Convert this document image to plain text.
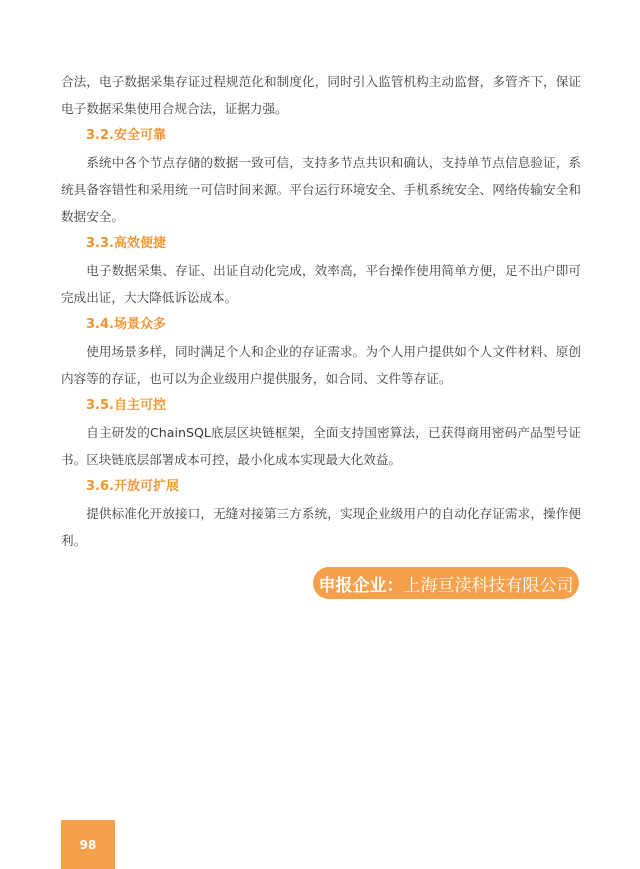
合法，电子数据采集存证过程规范化和制度化，同时引入监管机构主动监督，多管齐下，保证电子数据采集使用合规合法，证据力强。

3.2.安全可靠

系统中各个节点存储的数据一致可信，支持多节点共识和确认，支持单节点信息验证，系统具备容错性和采用统一可信时间来源。平台运行环境安全、手机系统安全、网络传输安全和数据安全。

3.3.高效便捷

电子数据采集、存证、出证自动化完成，效率高，平台操作使用简单方便，足不出户即可完成出证，大大降低诉讼成本。

3.4.场景众多

使用场景多样，同时满足个人和企业的存证需求。为个人用户提供如个人文件材料、原创内容等的存证，也可以为企业级用户提供服务，如合同、文件等存证。

3.5.自主可控

自主研发的ChainSQL底层区块链框架，全面支持国密算法，已获得商用密码产品型号证书。区块链底层部署成本可控，最小化成本实现最大化效益。

3.6.开放可扩展

提供标准化开放接口，无缝对接第三方系统，实现企业级用户的自动化存证需求，操作便利。

申报企业： 上海亘渎科技有限公司
98
